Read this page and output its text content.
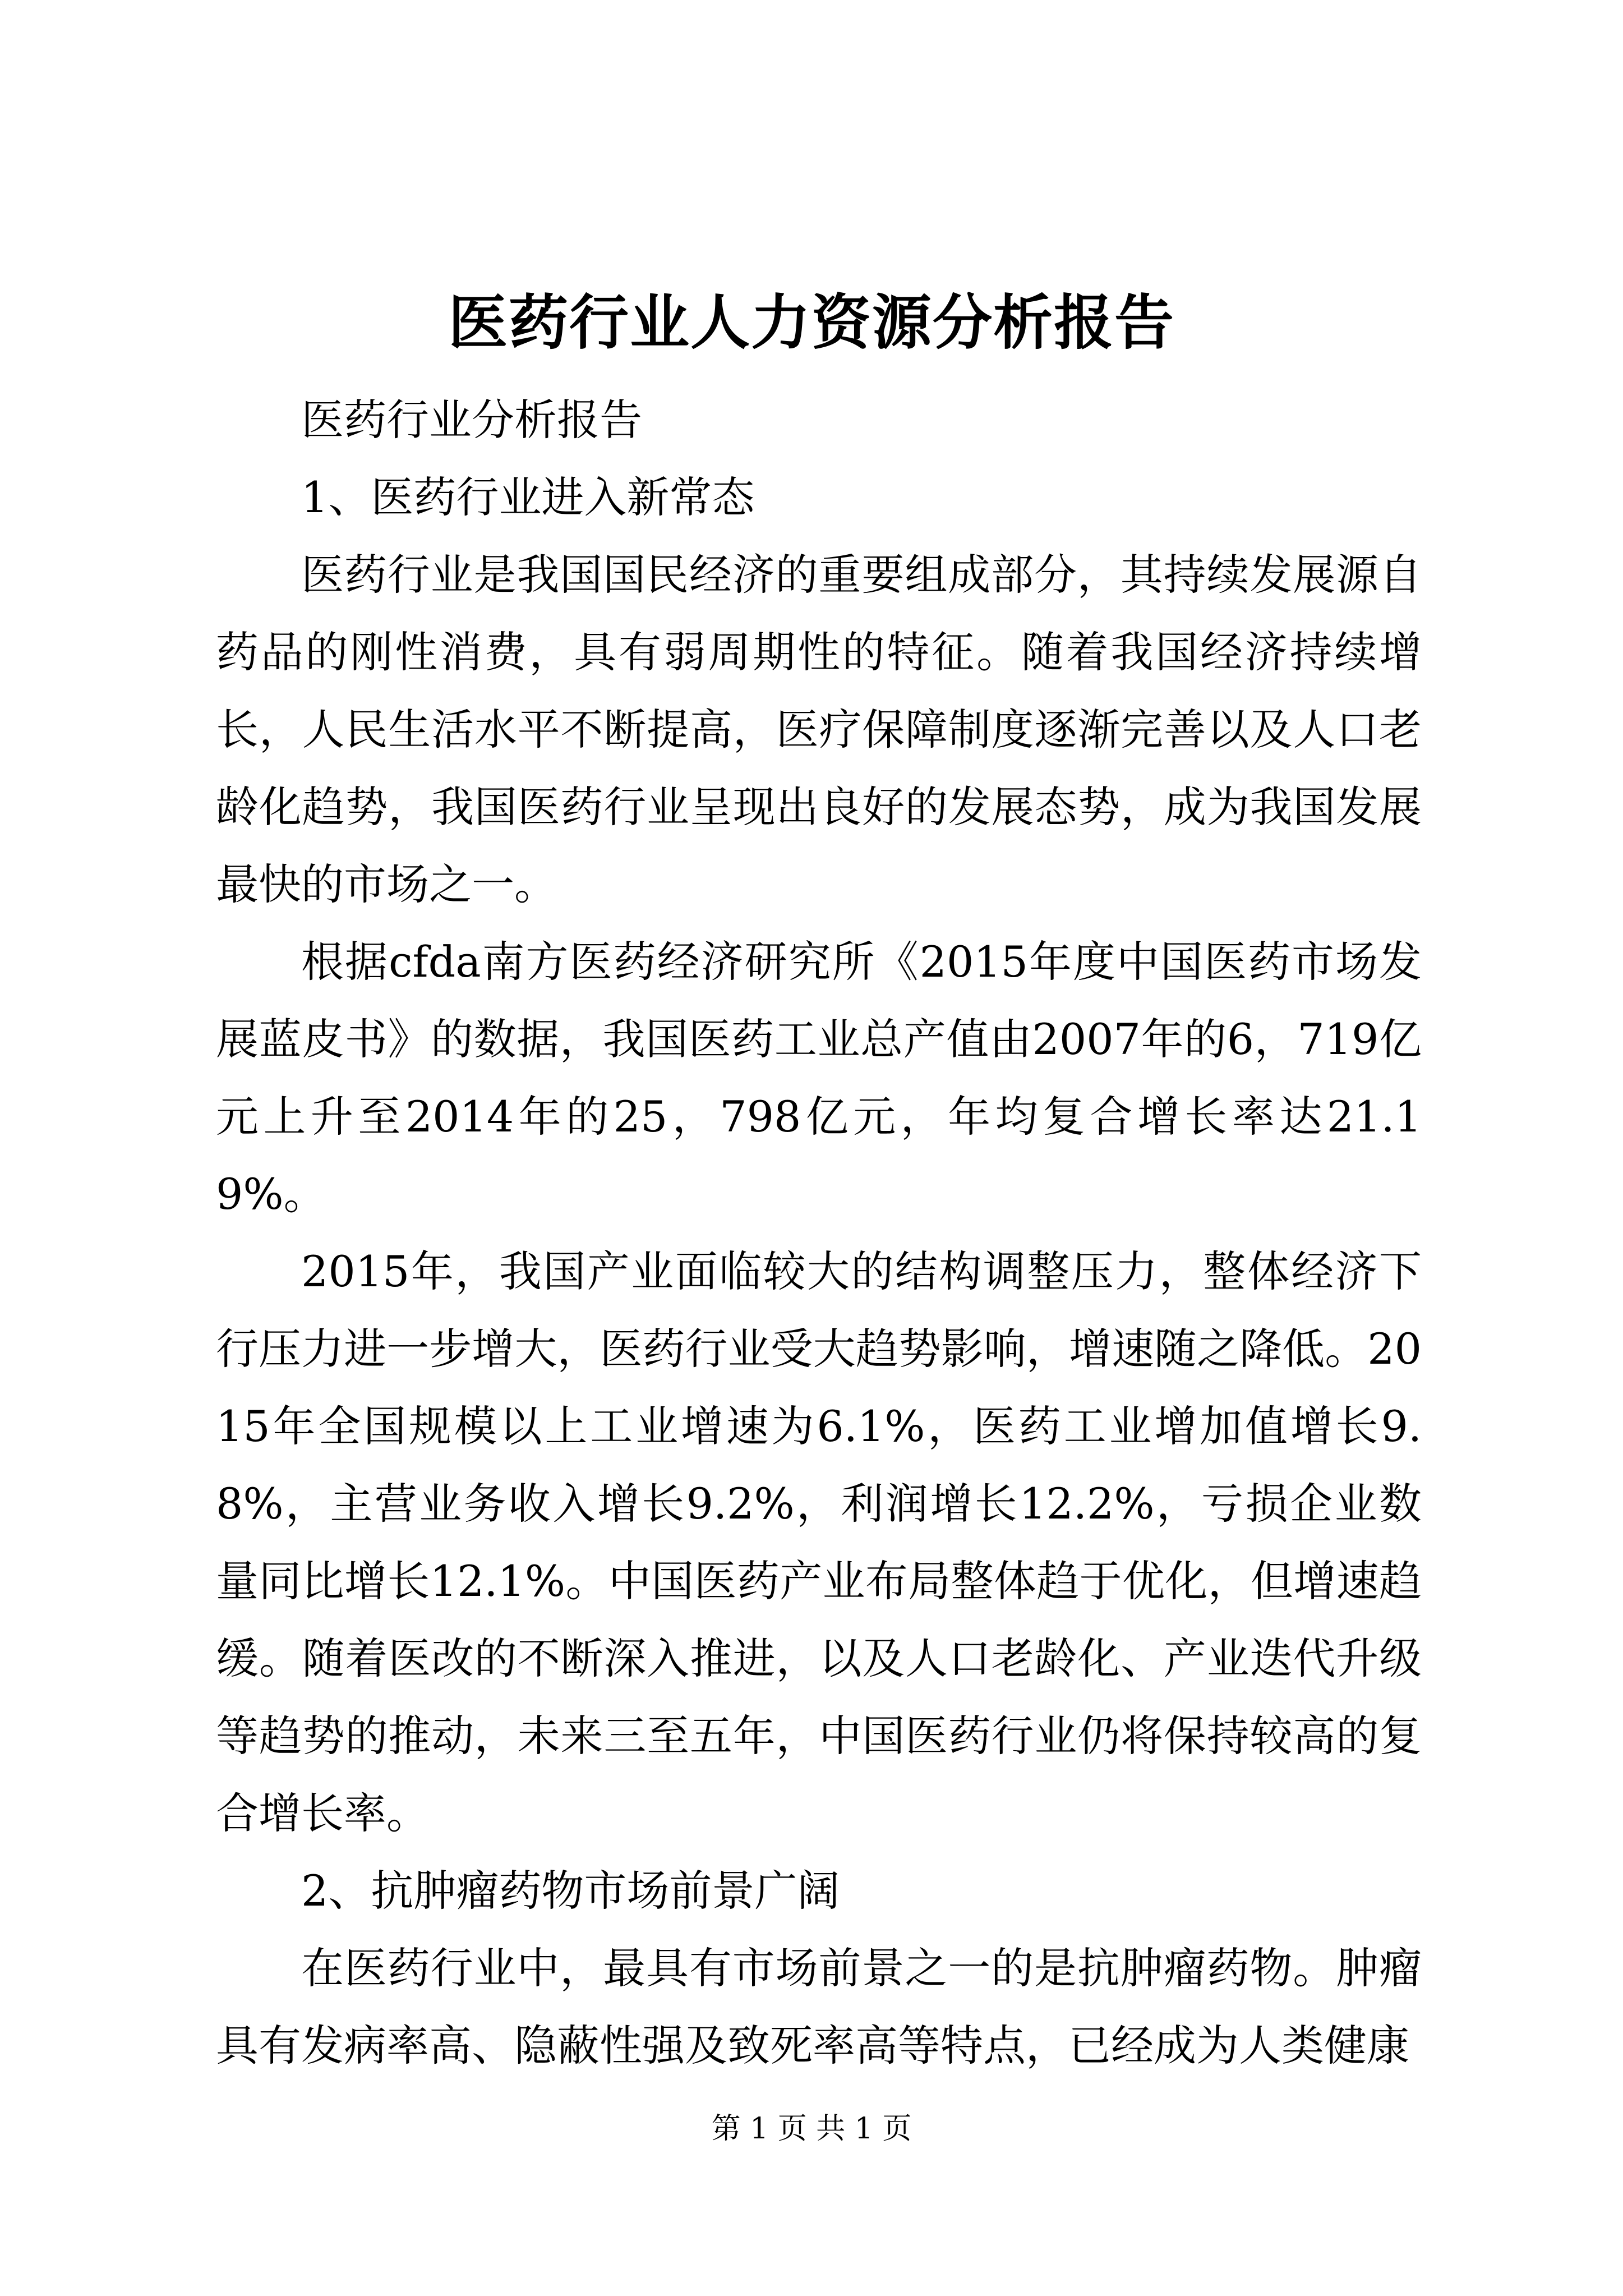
医药行业人力资源分析报告

医药行业分析报告

1、医药行业进入新常态

医药行业是我国国民经济的重要组成部分，其持续发展源自药品的刚性消费，具有弱周期性的特征。随着我国经济持续增长，人民生活水平不断提高，医疗保障制度逐渐完善以及人口老龄化趋势，我国医药行业呈现出良好的发展态势，成为我国发展最快的市场之一。

根据cfda南方医药经济研究所《2015年度中国医药市场发展蓝皮书》的数据，我国医药工业总产值由2007年的6，719亿元上升至2014年的25，798亿元，年均复合增长率达21.19%。

2015年，我国产业面临较大的结构调整压力，整体经济下行压力进一步增大，医药行业受大趋势影响，增速随之降低。2015年全国规模以上工业增速为6.1%，医药工业增加值增长9.8%，主营业务收入增长9.2%，利润增长12.2%，亏损企业数量同比增长12.1%。中国医药产业布局整体趋于优化，但增速趋缓。随着医改的不断深入推进，以及人口老龄化、产业迭代升级等趋势的推动，未来三至五年，中国医药行业仍将保持较高的复合增长率。

2、抗肿瘤药物市场前景广阔

在医药行业中，最具有市场前景之一的是抗肿瘤药物。肿瘤具有发病率高、隐蔽性强及致死率高等特点，已经成为人类健康

第 1 页 共 1 页
